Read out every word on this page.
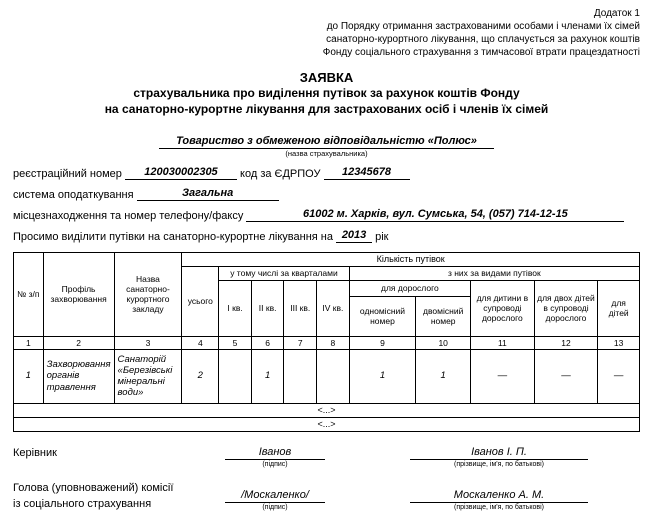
Додаток 1
до Порядку отримання застрахованими особами і членами їх сімей
санаторно-курортного лікування, що сплачується за рахунок коштів
Фонду соціального страхування з тимчасової втрати працездатності
ЗАЯВКА
страхувальника про виділення путівок за рахунок коштів Фонду
на санаторно-курортне лікування для застрахованих осіб і членів їх сімей
Товариство з обмеженою відповідальністю «Полюс»
(назва страхувальника)
реєстраційний номер 120030002305 код за ЄДРПОУ 12345678
система оподаткування	Загальна
місцезнаходження та номер телефону/факсу	61002 м. Харків, вул. Сумська, 54, (057) 714-12-15
Просимо виділити путівки на санаторно-курортне лікування на 2013 рік
№ з/п	Профіль захворювання	Назва санаторно-курортного закладу	Кількість путівок									
			усього	у тому числі за кварталами				з них за видами путівок				
				І кв.	ІІ кв.	ІІІ кв.	IV кв.	для дорослого		для дитини в супроводі дорослого	для двох дітей в супроводі дорослого	для дітей
								одномісний номер	двомісний номер			
1	2	3	4	5	6	7	8	9	10	11	12	13
1	Захворювання органів травлення	Санаторій «Березівські мінеральні води»	2		1			1	1	—	—	—
<...>												
<...>												
Керівник	Іванов
(підпис)
Іванов І. П.
(прізвище, ім'я, по батькові)
Голова (уповноважений) комісії
із соціального страхування
/Москаленко/
(підпис)
Москаленко А. М.
(прізвище, ім'я, по батькові)
